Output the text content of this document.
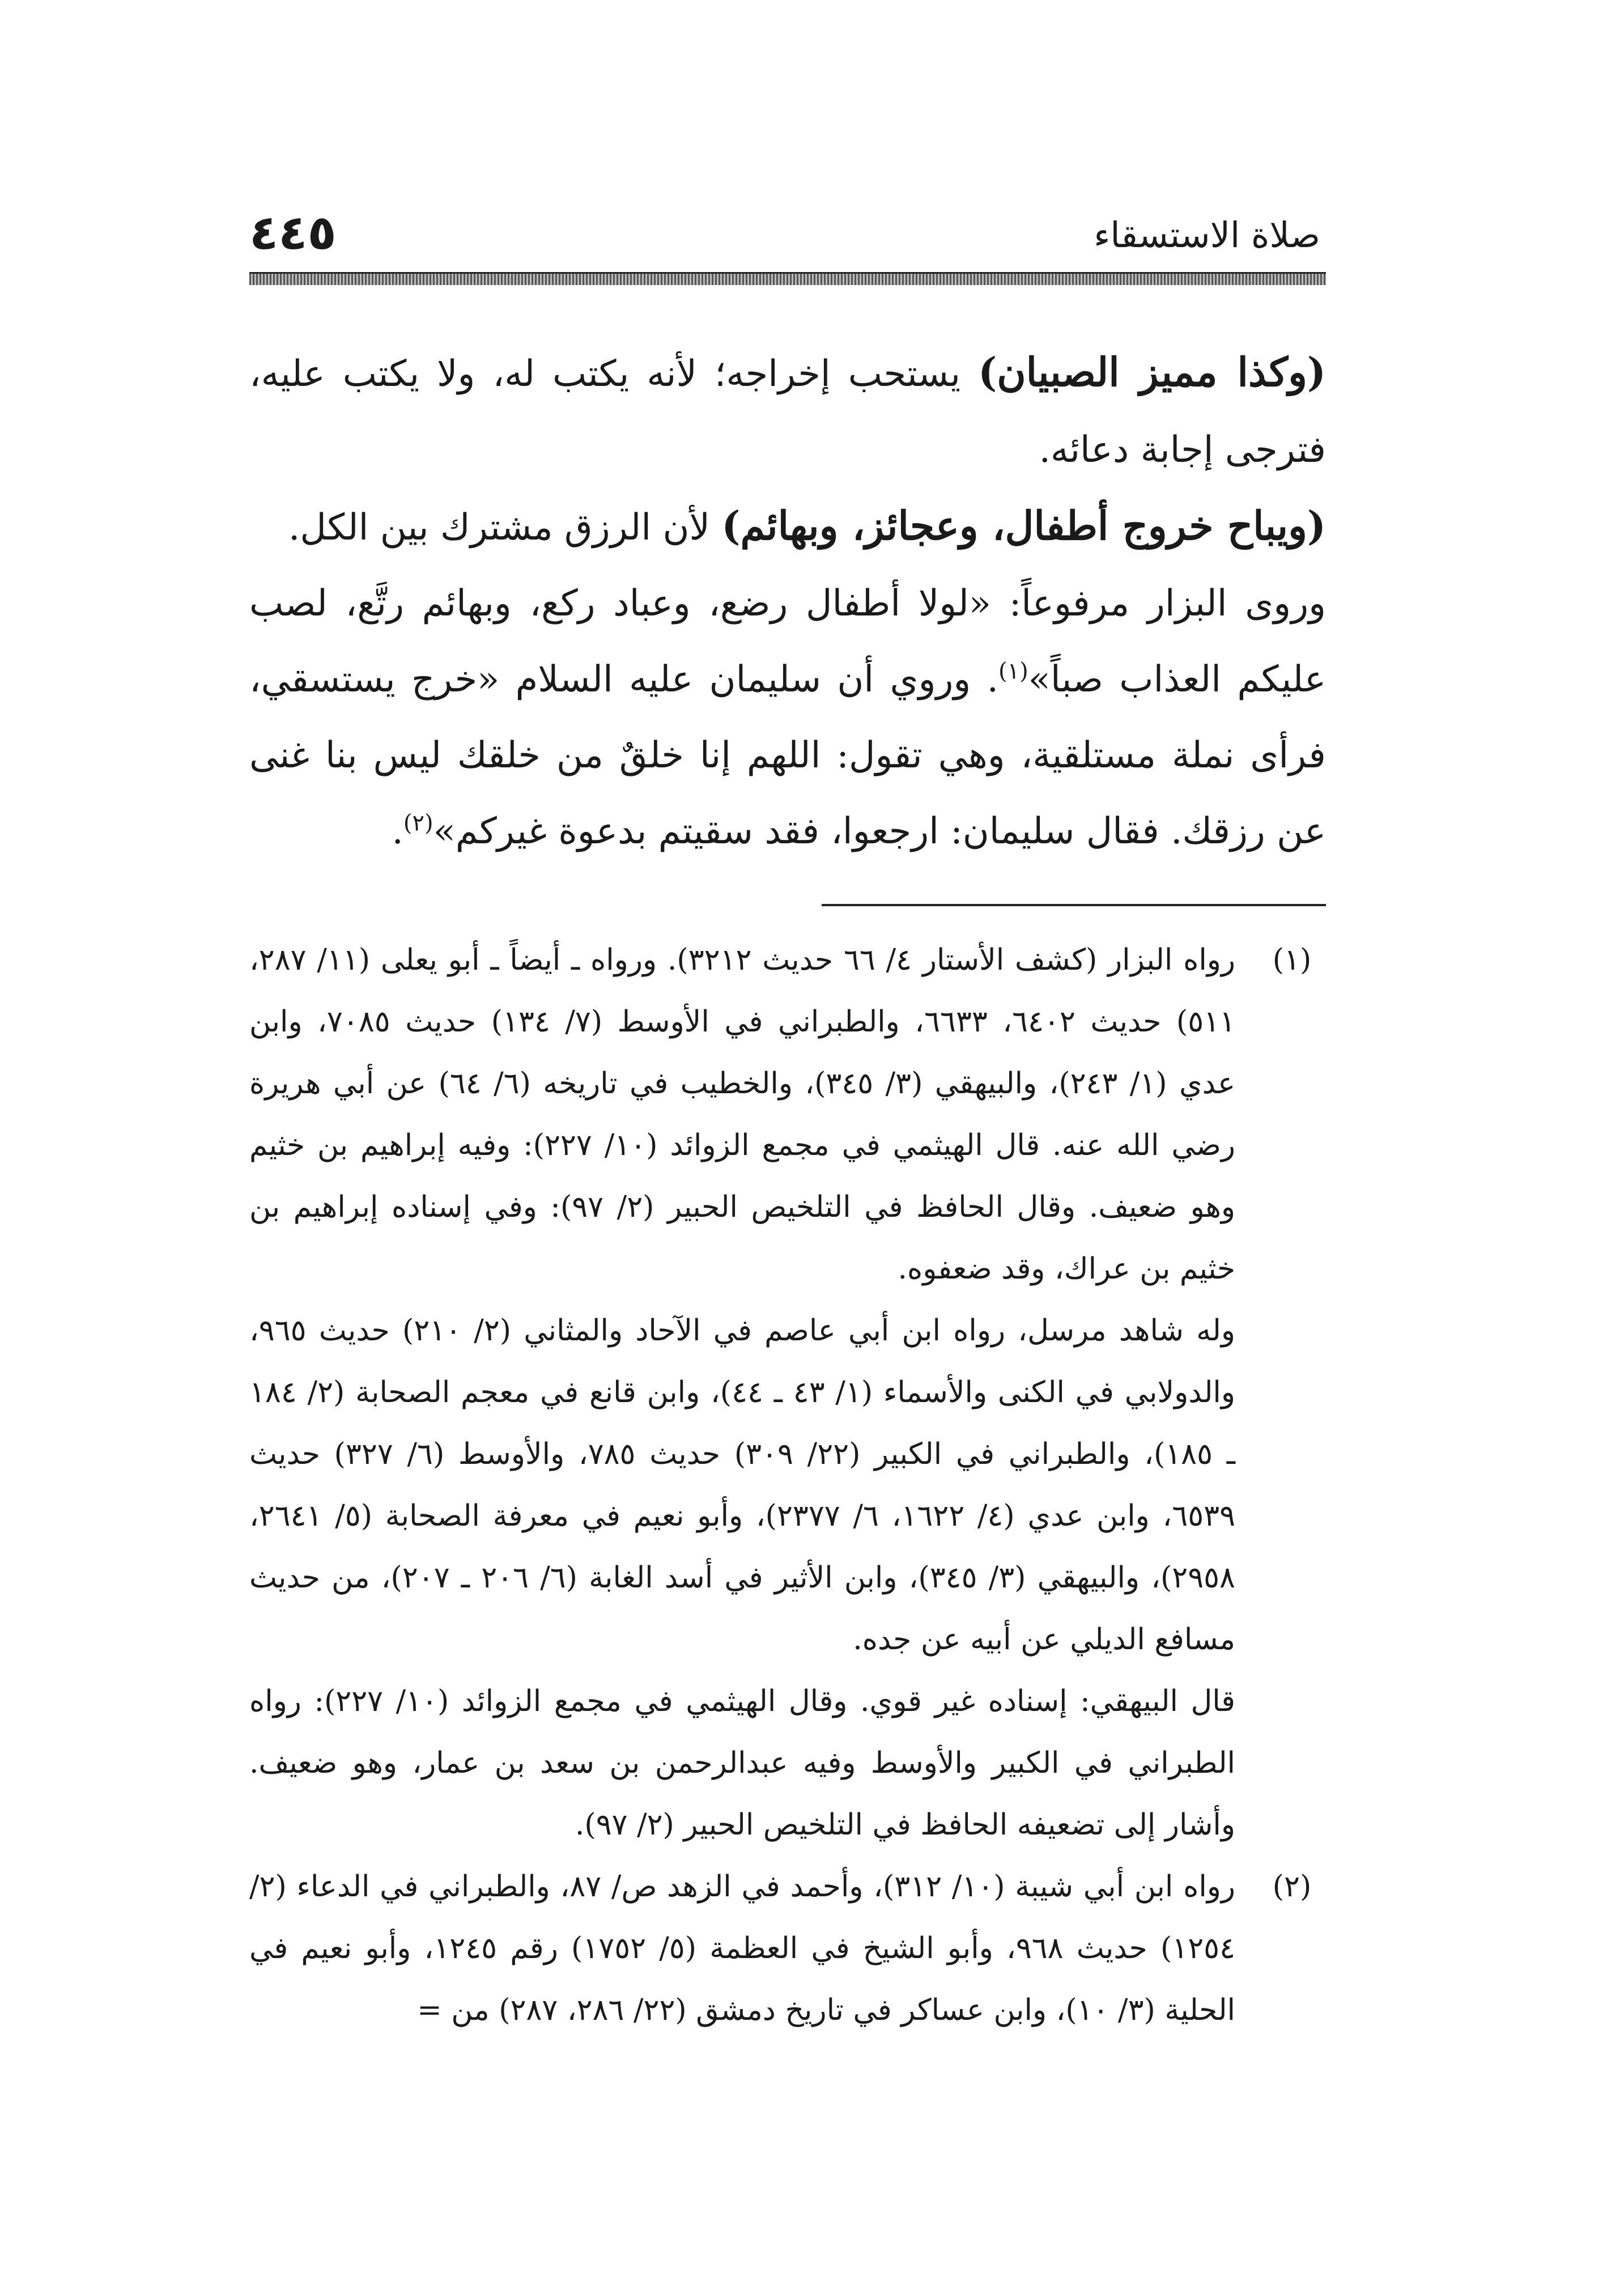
صلاة الاستسقاء
٤٤٥

(وكذا مميز الصبيان) يستحب إخراجه؛ لأنه يكتب له، ولا يكتب عليه، فترجى إجابة دعائه.

(ويباح خروج أطفال، وعجائز، وبهائم) لأن الرزق مشترك بين الكل.

وروى البزار مرفوعاً: «لولا أطفال رضع، وعباد ركع، وبهائم رتَّع، لصب عليكم العذاب صباً»$^{(١)}$. وروي أن سليمان عليه السلام «خرج يستسقي، فرأى نملة مستلقية، وهي تقول: اللهم إنا خلقٌ من خلقك ليس بنا غنى عن رزقك. فقال سليمان: ارجعوا، فقد سقيتم بدعوة غيركم»$^{(٢)}$.

(١)
رواه البزار (كشف الأستار ٤/ ٦٦ حديث ٣٢١٢). ورواه ـ أيضاً ـ أبو يعلى (١١/ ٢٨٧، ٥١١) حديث ٦٤٠٢، ٦٦٣٣، والطبراني في الأوسط (٧/ ١٣٤) حديث ٧٠٨٥، وابن عدي (١/ ٢٤٣)، والبيهقي (٣/ ٣٤٥)، والخطيب في تاريخه (٦/ ٦٤) عن أبي هريرة رضي الله عنه. قال الهيثمي في مجمع الزوائد (١٠/ ٢٢٧): وفيه إبراهيم بن خثيم وهو ضعيف. وقال الحافظ في التلخيص الحبير (٢/ ٩٧): وفي إسناده إبراهيم بن خثيم بن عراك، وقد ضعفوه.

وله شاهد مرسل، رواه ابن أبي عاصم في الآحاد والمثاني (٢/ ٢١٠) حديث ٩٦٥، والدولابي في الكنى والأسماء (١/ ٤٣ ـ ٤٤)، وابن قانع في معجم الصحابة (٢/ ١٨٤ ـ ١٨٥)، والطبراني في الكبير (٢٢/ ٣٠٩) حديث ٧٨٥، والأوسط (٦/ ٣٢٧) حديث ٦٥٣٩، وابن عدي (٤/ ١٦٢٢، ٦/ ٢٣٧٧)، وأبو نعيم في معرفة الصحابة (٥/ ٢٦٤١، ٢٩٥٨)، والبيهقي (٣/ ٣٤٥)، وابن الأثير في أسد الغابة (٦/ ٢٠٦ ـ ٢٠٧)، من حديث مسافع الديلي عن أبيه عن جده.

قال البيهقي: إسناده غير قوي. وقال الهيثمي في مجمع الزوائد (١٠/ ٢٢٧): رواه الطبراني في الكبير والأوسط وفيه عبدالرحمن بن سعد بن عمار، وهو ضعيف. وأشار إلى تضعيفه الحافظ في التلخيص الحبير (٢/ ٩٧).

(٢)
رواه ابن أبي شيبة (١٠/ ٣١٢)، وأحمد في الزهد ص/ ٨٧، والطبراني في الدعاء (٢/ ١٢٥٤) حديث ٩٦٨، وأبو الشيخ في العظمة (٥/ ١٧٥٢) رقم ١٢٤٥، وأبو نعيم في الحلية (٣/ ١٠)، وابن عساكر في تاريخ دمشق (٢٢/ ٢٨٦، ٢٨٧) من =
